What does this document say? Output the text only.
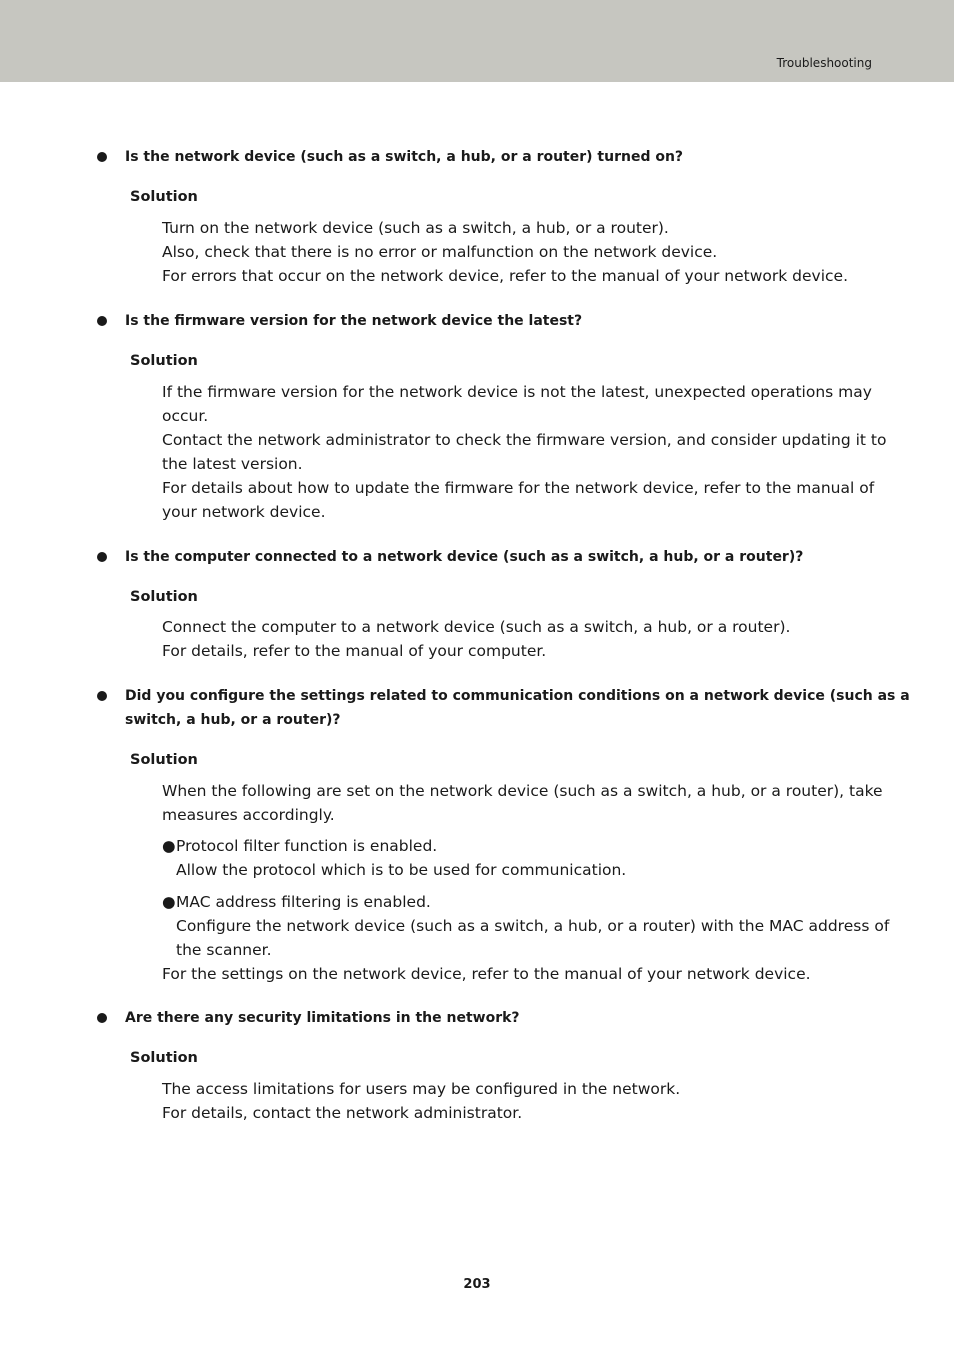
Troubleshooting
Is the network device (such as a switch, a hub, or a router) turned on?
Solution
Turn on the network device (such as a switch, a hub, or a router).
Also, check that there is no error or malfunction on the network device.
For errors that occur on the network device, refer to the manual of your network device.
Is the firmware version for the network device the latest?
Solution
If the firmware version for the network device is not the latest, unexpected operations may
occur.
Contact the network administrator to check the firmware version, and consider updating it to
the latest version.
For details about how to update the firmware for the network device, refer to the manual of
your network device.
Is the computer connected to a network device (such as a switch, a hub, or a router)?
Solution
Connect the computer to a network device (such as a switch, a hub, or a router).
For details, refer to the manual of your computer.
Did you configure the settings related to communication conditions on a network device (such as a
switch, a hub, or a router)?
Solution
When the following are set on the network device (such as a switch, a hub, or a router), take
measures accordingly.
●Protocol filter function is enabled.
Allow the protocol which is to be used for communication.
●MAC address filtering is enabled.
Configure the network device (such as a switch, a hub, or a router) with the MAC address of
the scanner.
For the settings on the network device, refer to the manual of your network device.
Are there any security limitations in the network?
Solution
The access limitations for users may be configured in the network.
For details, contact the network administrator.
203
